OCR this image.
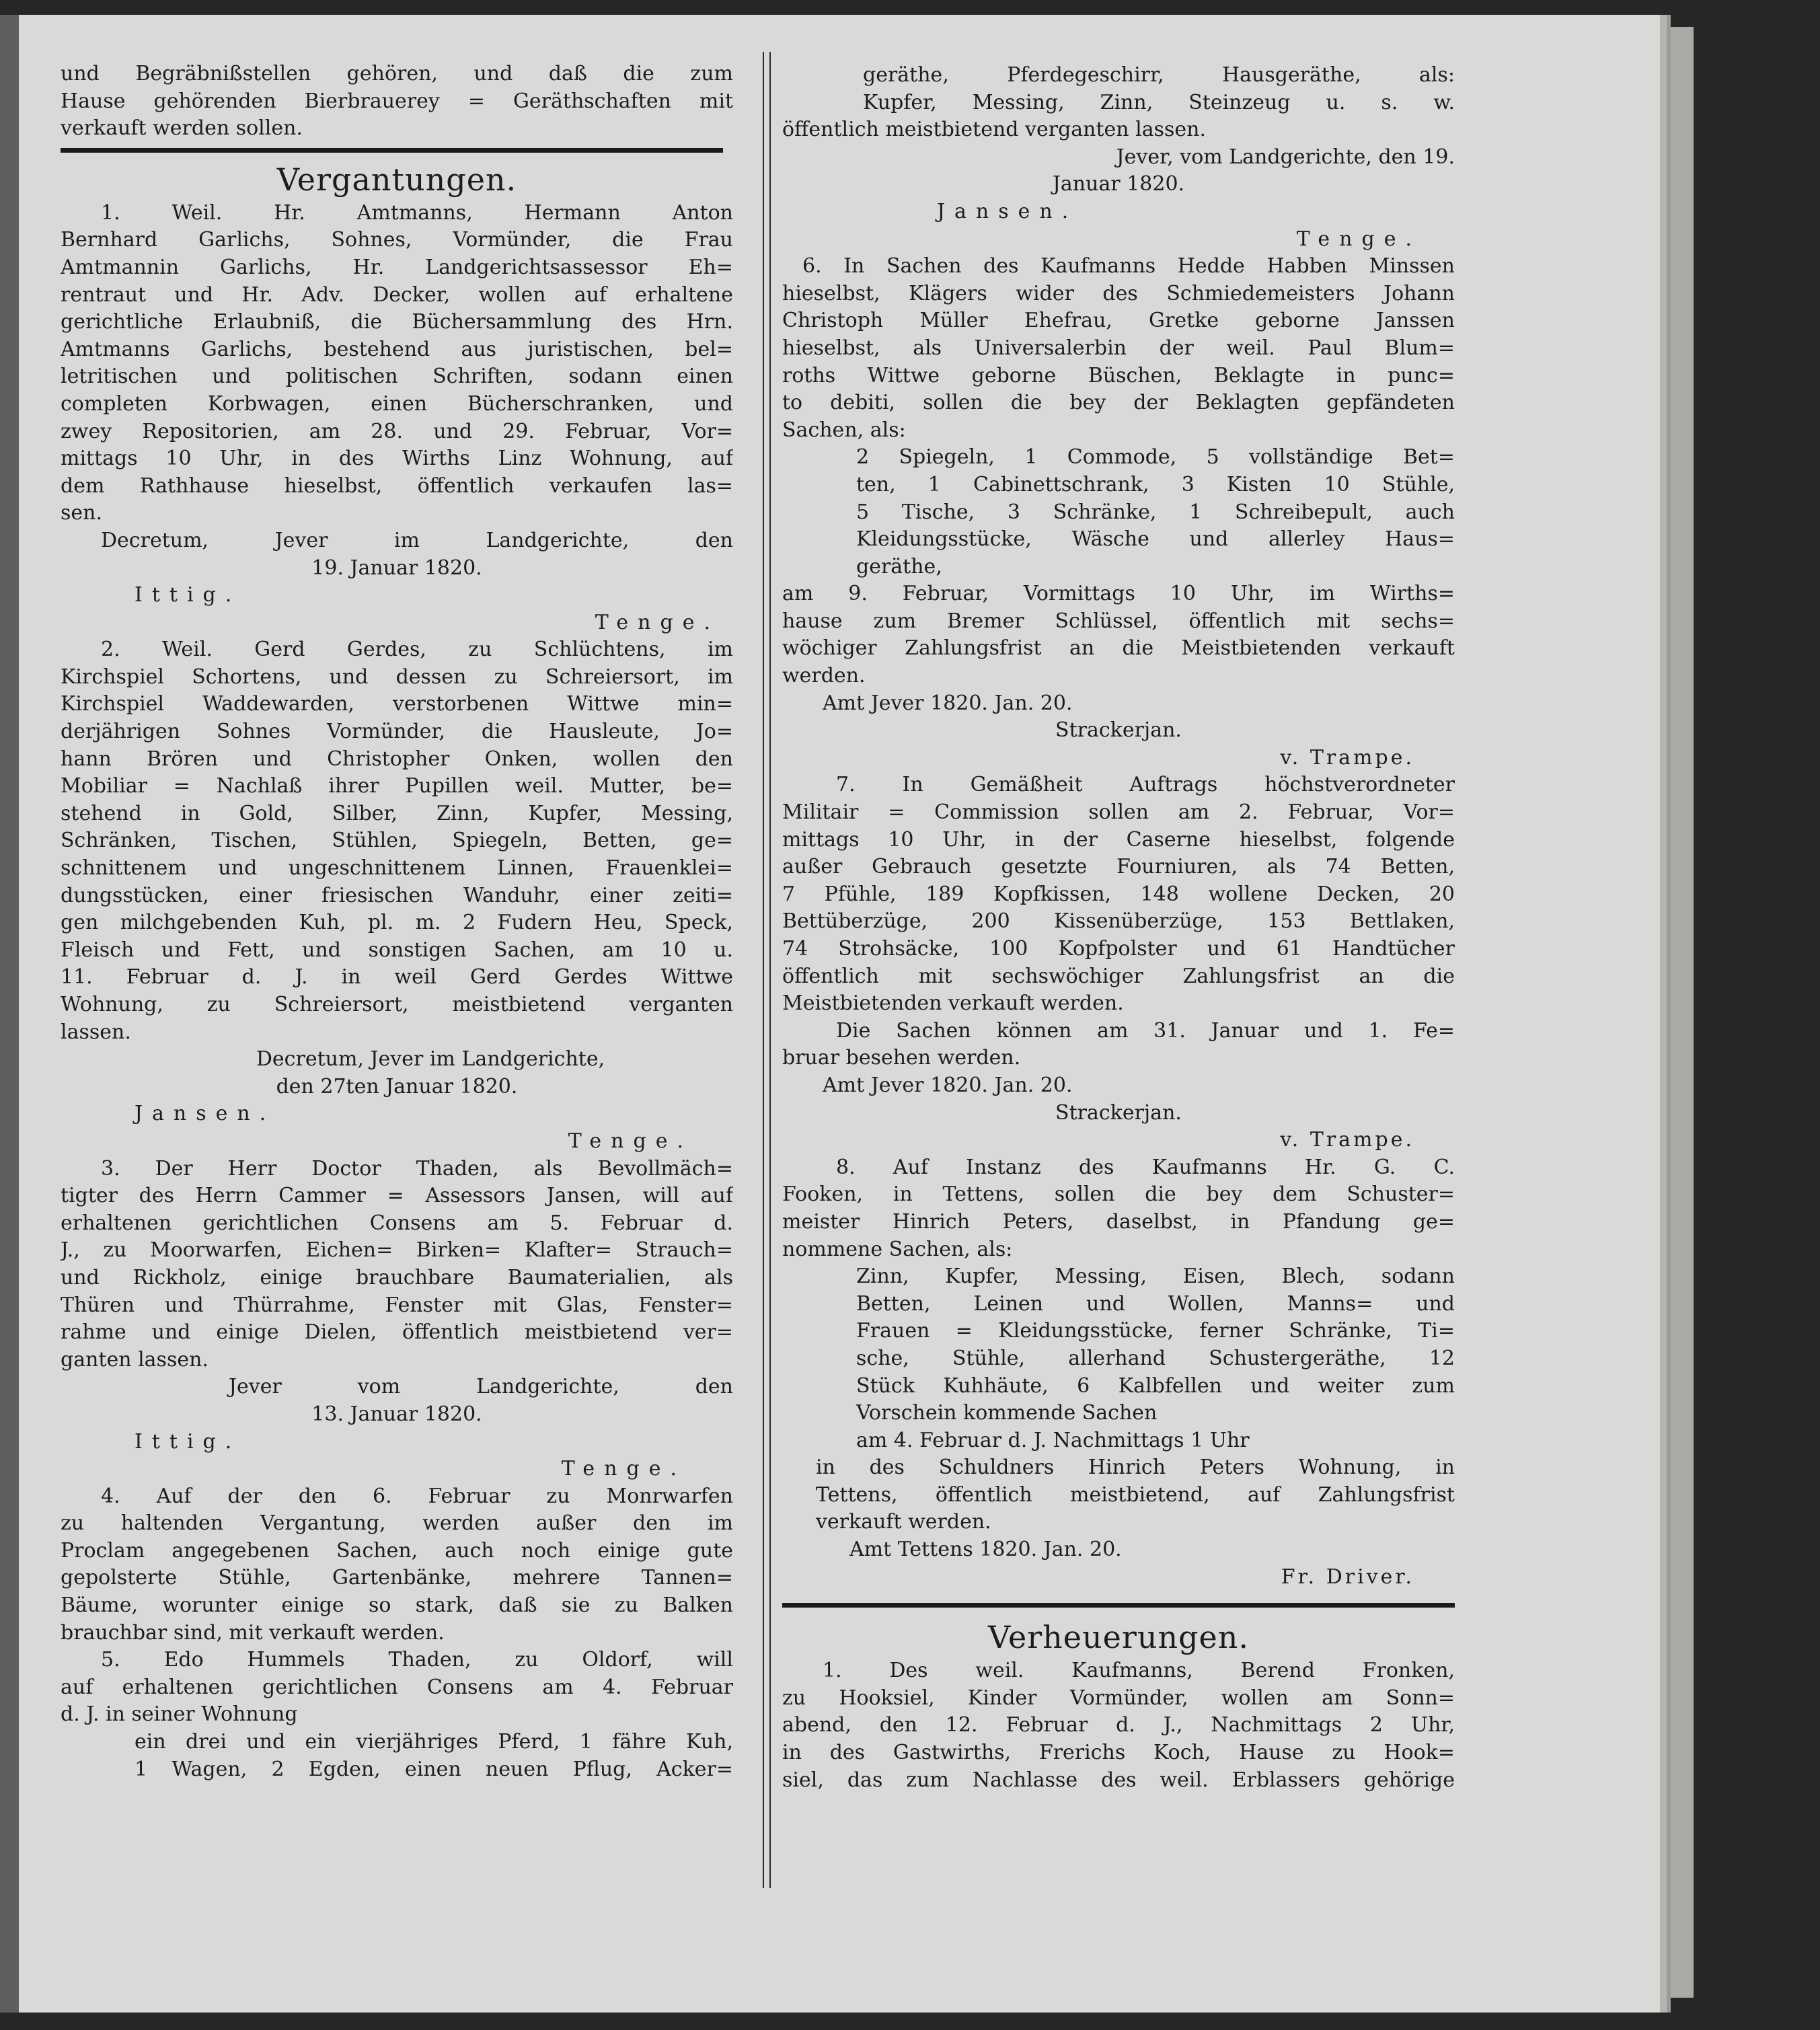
und Begräbnißstellen gehören, und daß die zum
Hause gehörenden Bierbrauerey = Geräthschaften mit
verkauft werden sollen.
Vergantungen.
1. Weil. Hr. Amtmanns, Hermann Anton
Bernhard Garlichs, Sohnes, Vormünder, die Frau
Amtmannin Garlichs, Hr. Landgerichtsassessor Eh=
rentraut und Hr. Adv. Decker, wollen auf erhaltene
gerichtliche Erlaubniß, die Büchersammlung des Hrn.
Amtmanns Garlichs, bestehend aus juristischen, bel=
letritischen und politischen Schriften, sodann einen
completen Korbwagen, einen Bücherschranken, und
zwey Repositorien, am 28. und 29. Februar, Vor=
mittags 10 Uhr, in des Wirths Linz Wohnung, auf
dem Rathhause hieselbst, öffentlich verkaufen las=
sen.
Decretum, Jever im Landgerichte, den
19. Januar 1820.
Ittig.
Tenge.
2. Weil. Gerd Gerdes, zu Schlüchtens, im
Kirchspiel Schortens, und dessen zu Schreiersort, im
Kirchspiel Waddewarden, verstorbenen Wittwe min=
derjährigen Sohnes Vormünder, die Hausleute, Jo=
hann Brören und Christopher Onken, wollen den
Mobiliar = Nachlaß ihrer Pupillen weil. Mutter, be=
stehend in Gold, Silber, Zinn, Kupfer, Messing,
Schränken, Tischen, Stühlen, Spiegeln, Betten, ge=
schnittenem und ungeschnittenem Linnen, Frauenklei=
dungsstücken, einer friesischen Wanduhr, einer zeiti=
gen milchgebenden Kuh, pl. m. 2 Fudern Heu, Speck,
Fleisch und Fett, und sonstigen Sachen, am 10 u.
11. Februar d. J. in weil Gerd Gerdes Wittwe
Wohnung, zu Schreiersort, meistbietend verganten
lassen.
Decretum, Jever im Landgerichte,
den 27ten Januar 1820.
Jansen.
Tenge.
3. Der Herr Doctor Thaden, als Bevollmäch=
tigter des Herrn Cammer = Assessors Jansen, will auf
erhaltenen gerichtlichen Consens am 5. Februar d.
J., zu Moorwarfen, Eichen= Birken= Klafter= Strauch=
und Rickholz, einige brauchbare Baumaterialien, als
Thüren und Thürrahme, Fenster mit Glas, Fenster=
rahme und einige Dielen, öffentlich meistbietend ver=
ganten lassen.
Jever vom Landgerichte, den
13. Januar 1820.
Ittig.
Tenge.
4. Auf der den 6. Februar zu Monrwarfen
zu haltenden Vergantung, werden außer den im
Proclam angegebenen Sachen, auch noch einige gute
gepolsterte Stühle, Gartenbänke, mehrere Tannen=
Bäume, worunter einige so stark, daß sie zu Balken
brauchbar sind, mit verkauft werden.
5. Edo Hummels Thaden, zu Oldorf, will
auf erhaltenen gerichtlichen Consens am 4. Februar
d. J. in seiner Wohnung
ein drei und ein vierjähriges Pferd, 1 fähre Kuh,
1 Wagen, 2 Egden, einen neuen Pflug, Acker=
geräthe, Pferdegeschirr, Hausgeräthe, als:
Kupfer, Messing, Zinn, Steinzeug u. s. w.
öffentlich meistbietend verganten lassen.
Jever, vom Landgerichte, den 19.
Januar 1820.
Jansen.
Tenge.
6. In Sachen des Kaufmanns Hedde Habben Minssen
hieselbst, Klägers wider des Schmiedemeisters Johann
Christoph Müller Ehefrau, Gretke geborne Janssen
hieselbst, als Universalerbin der weil. Paul Blum=
roths Wittwe geborne Büschen, Beklagte in punc=
to debiti, sollen die bey der Beklagten gepfändeten
Sachen, als:
2 Spiegeln, 1 Commode, 5 vollständige Bet=
ten, 1 Cabinettschrank, 3 Kisten 10 Stühle,
5 Tische, 3 Schränke, 1 Schreibepult, auch
Kleidungsstücke, Wäsche und allerley Haus=
geräthe,
am 9. Februar, Vormittags 10 Uhr, im Wirths=
hause zum Bremer Schlüssel, öffentlich mit sechs=
wöchiger Zahlungsfrist an die Meistbietenden verkauft
werden.
Amt Jever 1820. Jan. 20.
Strackerjan.
v. Trampe.
7. In Gemäßheit Auftrags höchstverordneter
Militair = Commission sollen am 2. Februar, Vor=
mittags 10 Uhr, in der Caserne hieselbst, folgende
außer Gebrauch gesetzte Fourniuren, als 74 Betten,
7 Pfühle, 189 Kopfkissen, 148 wollene Decken, 20
Bettüberzüge, 200 Kissenüberzüge, 153 Bettlaken,
74 Strohsäcke, 100 Kopfpolster und 61 Handtücher
öffentlich mit sechswöchiger Zahlungsfrist an die
Meistbietenden verkauft werden.
Die Sachen können am 31. Januar und 1. Fe=
bruar besehen werden.
Amt Jever 1820. Jan. 20.
Strackerjan.
v. Trampe.
8. Auf Instanz des Kaufmanns Hr. G. C.
Fooken, in Tettens, sollen die bey dem Schuster=
meister Hinrich Peters, daselbst, in Pfandung ge=
nommene Sachen, als:
Zinn, Kupfer, Messing, Eisen, Blech, sodann
Betten, Leinen und Wollen, Manns= und
Frauen = Kleidungsstücke, ferner Schränke, Ti=
sche, Stühle, allerhand Schustergeräthe, 12
Stück Kuhhäute, 6 Kalbfellen und weiter zum
Vorschein kommende Sachen
am 4. Februar d. J. Nachmittags 1 Uhr
in des Schuldners Hinrich Peters Wohnung, in
Tettens, öffentlich meistbietend, auf Zahlungsfrist
verkauft werden.
Amt Tettens 1820. Jan. 20.
Fr. Driver.
Verheuerungen.
1. Des weil. Kaufmanns, Berend Fronken,
zu Hooksiel, Kinder Vormünder, wollen am Sonn=
abend, den 12. Februar d. J., Nachmittags 2 Uhr,
in des Gastwirths, Frerichs Koch, Hause zu Hook=
siel, das zum Nachlasse des weil. Erblassers gehörige
